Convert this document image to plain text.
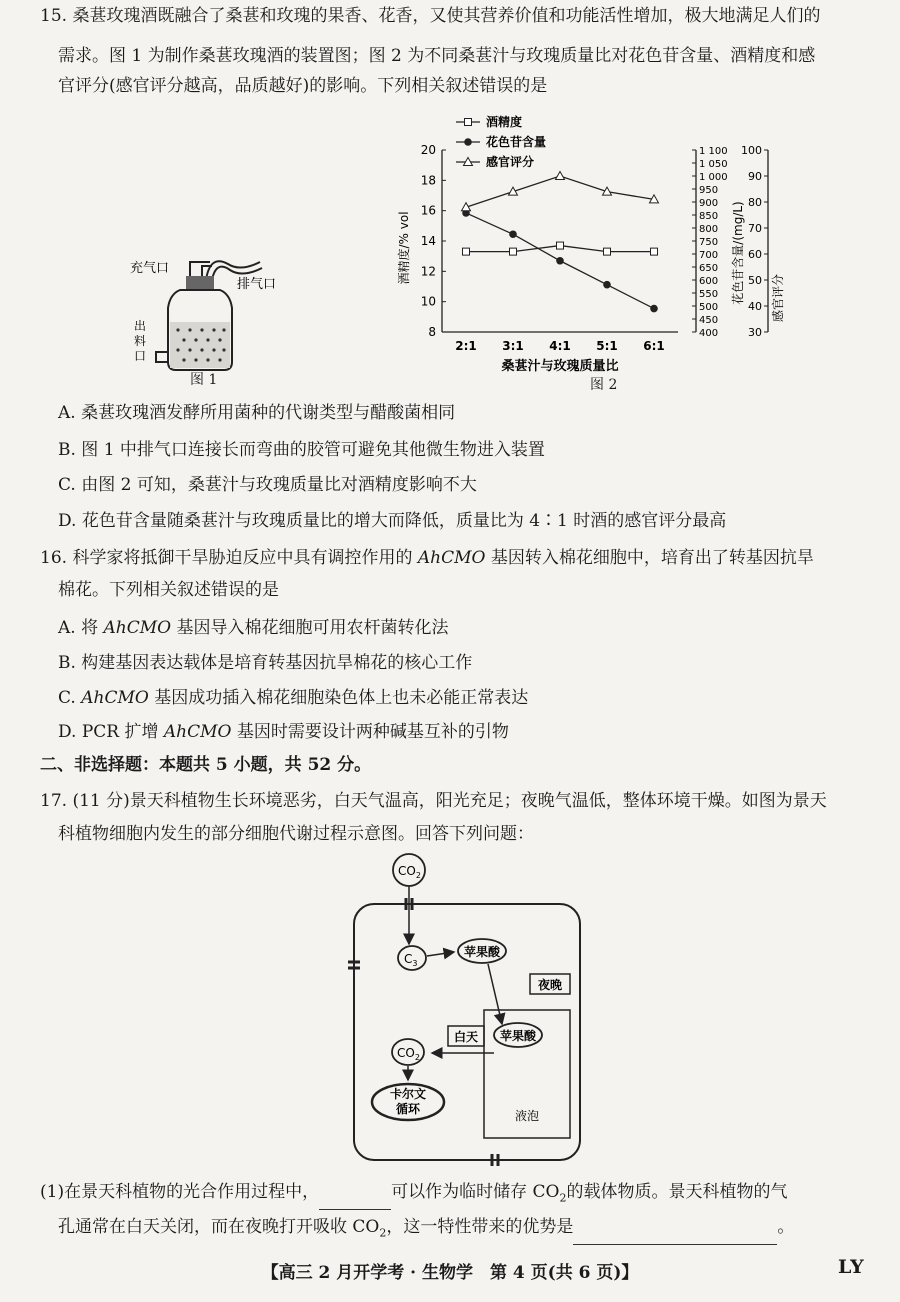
15. 桑葚玫瑰酒既融合了桑葚和玫瑰的果香、花香，又使其营养价值和功能活性增加，极大地满足人们的
需求。图 1 为制作桑葚玫瑰酒的装置图；图 2 为不同桑葚汁与玫瑰质量比对花色苷含量、酒精度和感
官评分(感官评分越高，品质越好)的影响。下列相关叙述错误的是
充气口
排气口
出
料
口
图 1
8
10
12
14
16
18
20
400
450
500
550
600
650
700
750
800
850
900
950
1 000
1 050
1 100
30
40
50
60
70
80
90
100
酒精度/% vol	花色苷含量/(mg/L) 感官评分
2:1 3:1 4:1 5:1 6:1
桑葚汁与玫瑰质量比
酒精度
花色苷含量
感官评分
图 2
A. 桑葚玫瑰酒发酵所用菌种的代谢类型与醋酸菌相同
B. 图 1 中排气口连接长而弯曲的胶管可避免其他微生物进入装置
C. 由图 2 可知，桑葚汁与玫瑰质量比对酒精度影响不大
D. 花色苷含量随桑葚汁与玫瑰质量比的增大而降低，质量比为 4∶1 时酒的感官评分最高
16. 科学家将抵御干旱胁迫反应中具有调控作用的 AhCMO 基因转入棉花细胞中，培育出了转基因抗旱
棉花。下列相关叙述错误的是
A. 将 AhCMO 基因导入棉花细胞可用农杆菌转化法
B. 构建基因表达载体是培育转基因抗旱棉花的核心工作
C. AhCMO 基因成功插入棉花细胞染色体上也未必能正常表达
D. PCR 扩增 AhCMO 基因时需要设计两种碱基互补的引物
二、非选择题：本题共 5 小题，共 52 分。
17. (11 分)景天科植物生长环境恶劣，白天气温高，阳光充足；夜晚气温低，整体环境干燥。如图为景天
科植物细胞内发生的部分细胞代谢过程示意图。回答下列问题：
$CO_2$
$C_3$
苹果酸
夜晚
液泡
苹果酸
白天
$CO_2$
卡尔文
循环
(1)在景天科植物的光合作用过程中，	可以作为临时储存 $CO_2$的载体物质。景天科植物的气
孔通常在白天关闭，而在夜晚打开吸收 $CO_2$，这一特性带来的优势是	。
【高三 2 月开学考 · 生物学　第 4 页(共 6 页)】	LY
